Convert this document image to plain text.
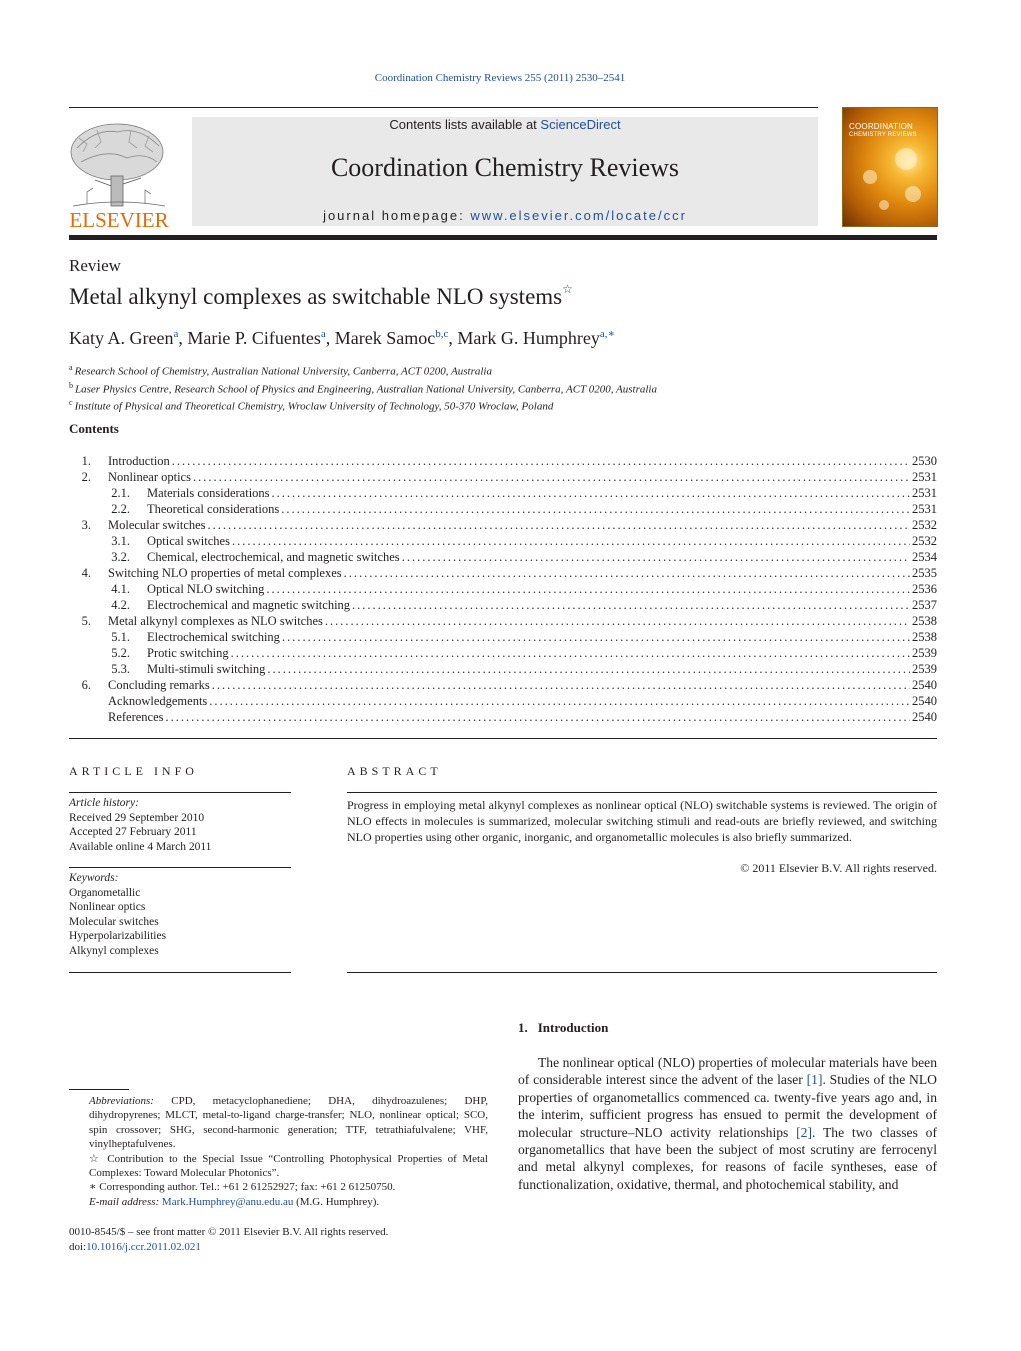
Coordination Chemistry Reviews 255 (2011) 2530–2541
ELSEVIER
Contents lists available at ScienceDirect
Coordination Chemistry Reviews
journal homepage: www.elsevier.com/locate/ccr
COORDINATION
CHEMISTRY REVIEWS
Review
Metal alkynyl complexes as switchable NLO systems☆
Katy A. Green$^a$, Marie P. Cifuentes$^a$, Marek Samoc$^{b,c}$, Mark G. Humphrey$^{a,∗}$
$^a$ Research School of Chemistry, Australian National University, Canberra, ACT 0200, Australia
$^b$ Laser Physics Centre, Research School of Physics and Engineering, Australian National University, Canberra, ACT 0200, Australia
$^c$ Institute of Physical and Theoretical Chemistry, Wroclaw University of Technology, 50-370 Wroclaw, Poland
Contents
1. Introduction .....	2530
2. Nonlinear optics .....	2531
2.1. Materials considerations .....	2531
2.2. Theoretical considerations .....	2531
3. Molecular switches .....	2532
3.1. Optical switches .....	2532
3.2. Chemical, electrochemical, and magnetic switches .....	2534
4. Switching NLO properties of metal complexes .....	2535
4.1. Optical NLO switching .....	2536
4.2. Electrochemical and magnetic switching .....	2537
5. Metal alkynyl complexes as NLO switches .....	2538
5.1. Electrochemical switching .....	2538
5.2. Protic switching .....	2539
5.3. Multi-stimuli switching .....	2539
6. Concluding remarks .....	2540
Acknowledgements .....	2540
References .....	2540
ARTICLE INFO	ABSTRACT
Article history:
Received 29 September 2010
Accepted 27 February 2011
Available online 4 March 2011
Keywords:
Organometallic
Nonlinear optics
Molecular switches
Hyperpolarizabilities
Alkynyl complexes
Progress in employing metal alkynyl complexes as nonlinear optical (NLO) switchable systems is reviewed. The origin of NLO effects in molecules is summarized, molecular switching stimuli and read-outs are briefly reviewed, and switching NLO properties using other organic, inorganic, and organometallic molecules is also briefly summarized.
© 2011 Elsevier B.V. All rights reserved.
1. Introduction

The nonlinear optical (NLO) properties of molecular materials have been of considerable interest since the advent of the laser [1]. Studies of the NLO properties of organometallics commenced ca. twenty-five years ago and, in the interim, sufficient progress has ensued to permit the development of molecular structure–NLO activity relationships [2]. The two classes of organometallics that have been the subject of most scrutiny are ferrocenyl and metal alkynyl complexes, for reasons of facile syntheses, ease of functionalization, oxidative, thermal, and photochemical stability, and

Abbreviations: CPD, metacyclophanediene; DHA, dihydroazulenes; DHP, dihydropyrenes; MLCT, metal-to-ligand charge-transfer; NLO, nonlinear optical; SCO, spin crossover; SHG, second-harmonic generation; TTF, tetrathiafulvalene; VHF, vinylheptafulvenes.

☆ Contribution to the Special Issue “Controlling Photophysical Properties of Metal Complexes: Toward Molecular Photonics”.

∗ Corresponding author. Tel.: +61 2 61252927; fax: +61 2 61250750.

E-mail address: Mark.Humphrey@anu.edu.au (M.G. Humphrey).

0010-8545/$ – see front matter © 2011 Elsevier B.V. All rights reserved.
doi:10.1016/j.ccr.2011.02.021
